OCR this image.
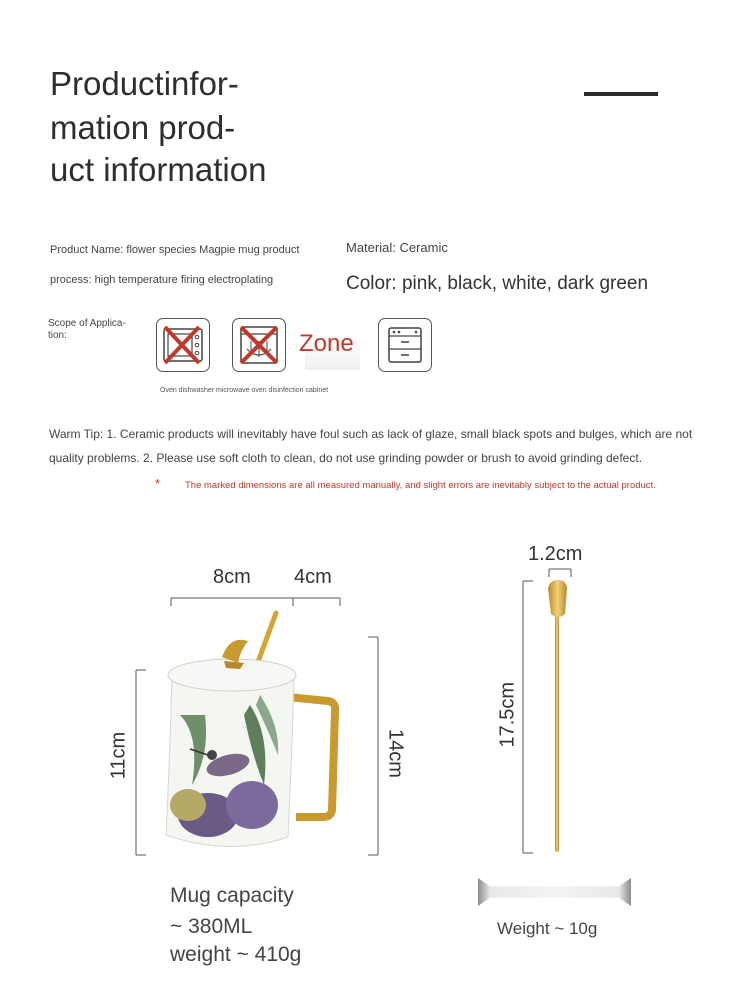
Productinfor-
mation prod-
uct information
Product Name: flower species Magpie mug product
process: high temperature firing electroplating
Material: Ceramic
Color: pink, black, white, dark green
Scope of Applica-tion:	Zone
Oven dishwasher microwave oven disinfection cabinet
Warm Tip: 1. Ceramic products will inevitably have foul such as lack of glaze, small black spots and bulges, which are not quality problems. 2. Please use soft cloth to clean, do not use grinding powder or brush to avoid grinding defect.
*	The marked dimensions are all measured manually, and slight errors are inevitably subject to the actual product.
8cm 4cm
11cm	14cm
Mug capacity
~ 380ML
weight ~ 410g
1.2cm
17.5cm
Weight ~ 10g
